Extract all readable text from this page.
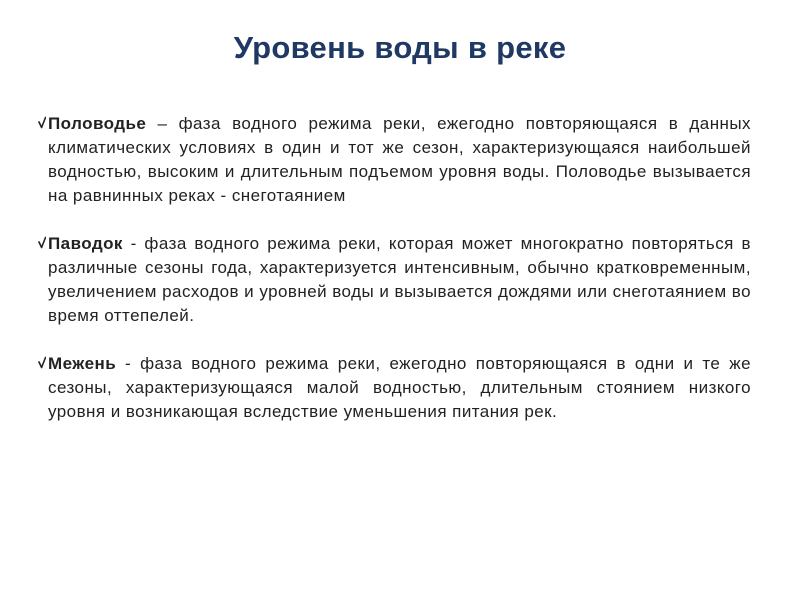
Уровень воды в реке
Половодье – фаза водного режима реки, ежегодно повторяющаяся в данных климатических условиях в один и тот же сезон, характеризующаяся наибольшей водностью, высоким и длительным подъемом уровня воды. Половодье вызывается на равнинных реках - снеготаянием
Паводок - фаза водного режима реки, которая может многократно повторяться в различные сезоны года, характеризуется интенсивным, обычно кратковременным, увеличением расходов и уровней воды и вызывается дождями или снеготаянием во время оттепелей.
Межень - фаза водного режима реки, ежегодно повторяющаяся в одни и те же сезоны, характеризующаяся малой водностью, длительным стоянием низкого уровня и возникающая вследствие уменьшения питания рек.
